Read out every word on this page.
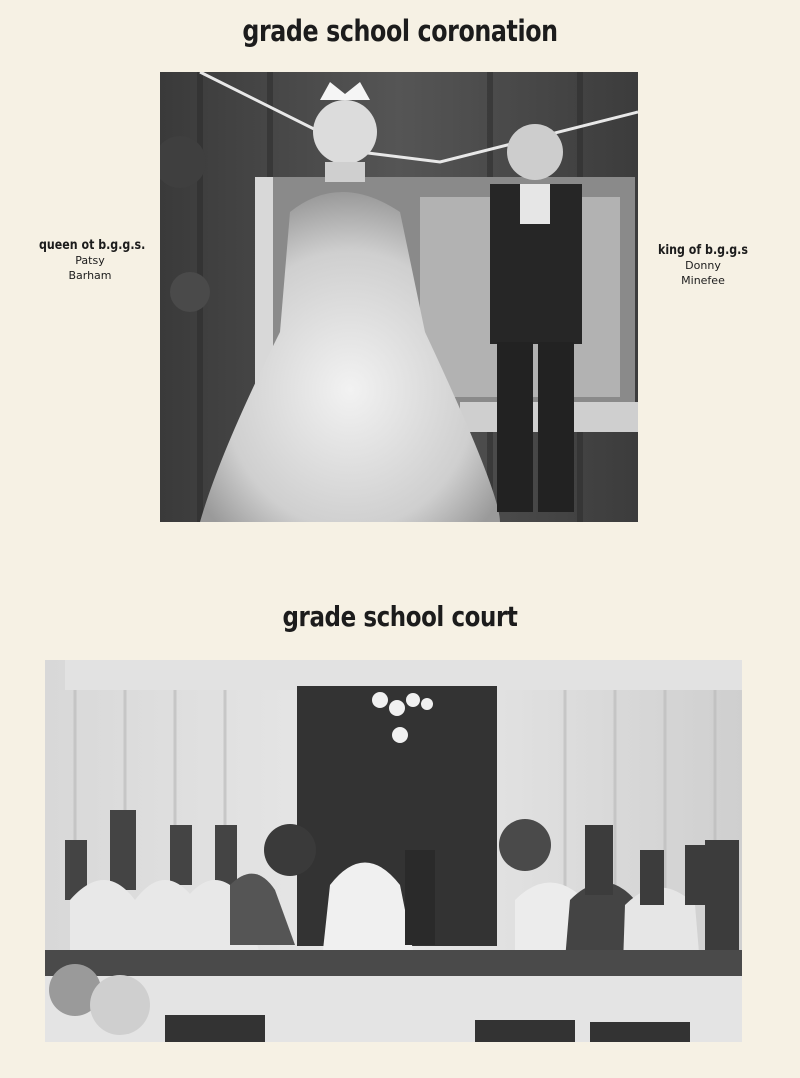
grade school coronation
queen ot b.g.g.s.
Patsy
Barham
king of b.g.g.s
Donny
Minefee
grade school court
